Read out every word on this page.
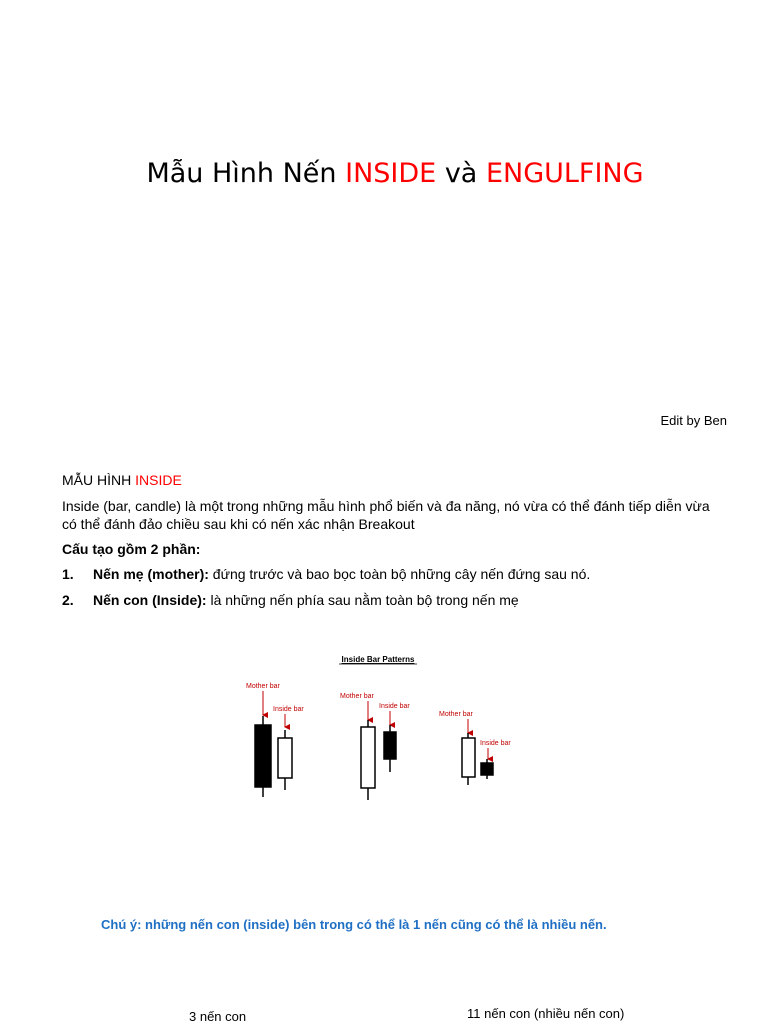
Mẫu Hình Nến INSIDE và ENGULFING
Edit by Ben
MẪU HÌNH INSIDE
Inside (bar, candle) là một trong những mẫu hình phổ biến và đa năng, nó vừa có thể đánh tiếp diễn vừa có thể đánh đảo chiều sau khi có nến xác nhận Breakout
Cấu tạo gồm 2 phần:
1. Nến mẹ (mother): đứng trước và bao bọc toàn bộ những cây nến đứng sau nó.
2. Nến con (Inside): là những nến phía sau nằm toàn bộ trong nến mẹ
Inside Bar Patterns
Mother bar
Inside bar
Mother bar
Inside bar
Mother bar
Inside bar
Chú ý: những nến con (inside) bên trong có thể là 1 nến cũng có thể là nhiều nến.
3 nến con	11 nến con (nhiều nến con)
